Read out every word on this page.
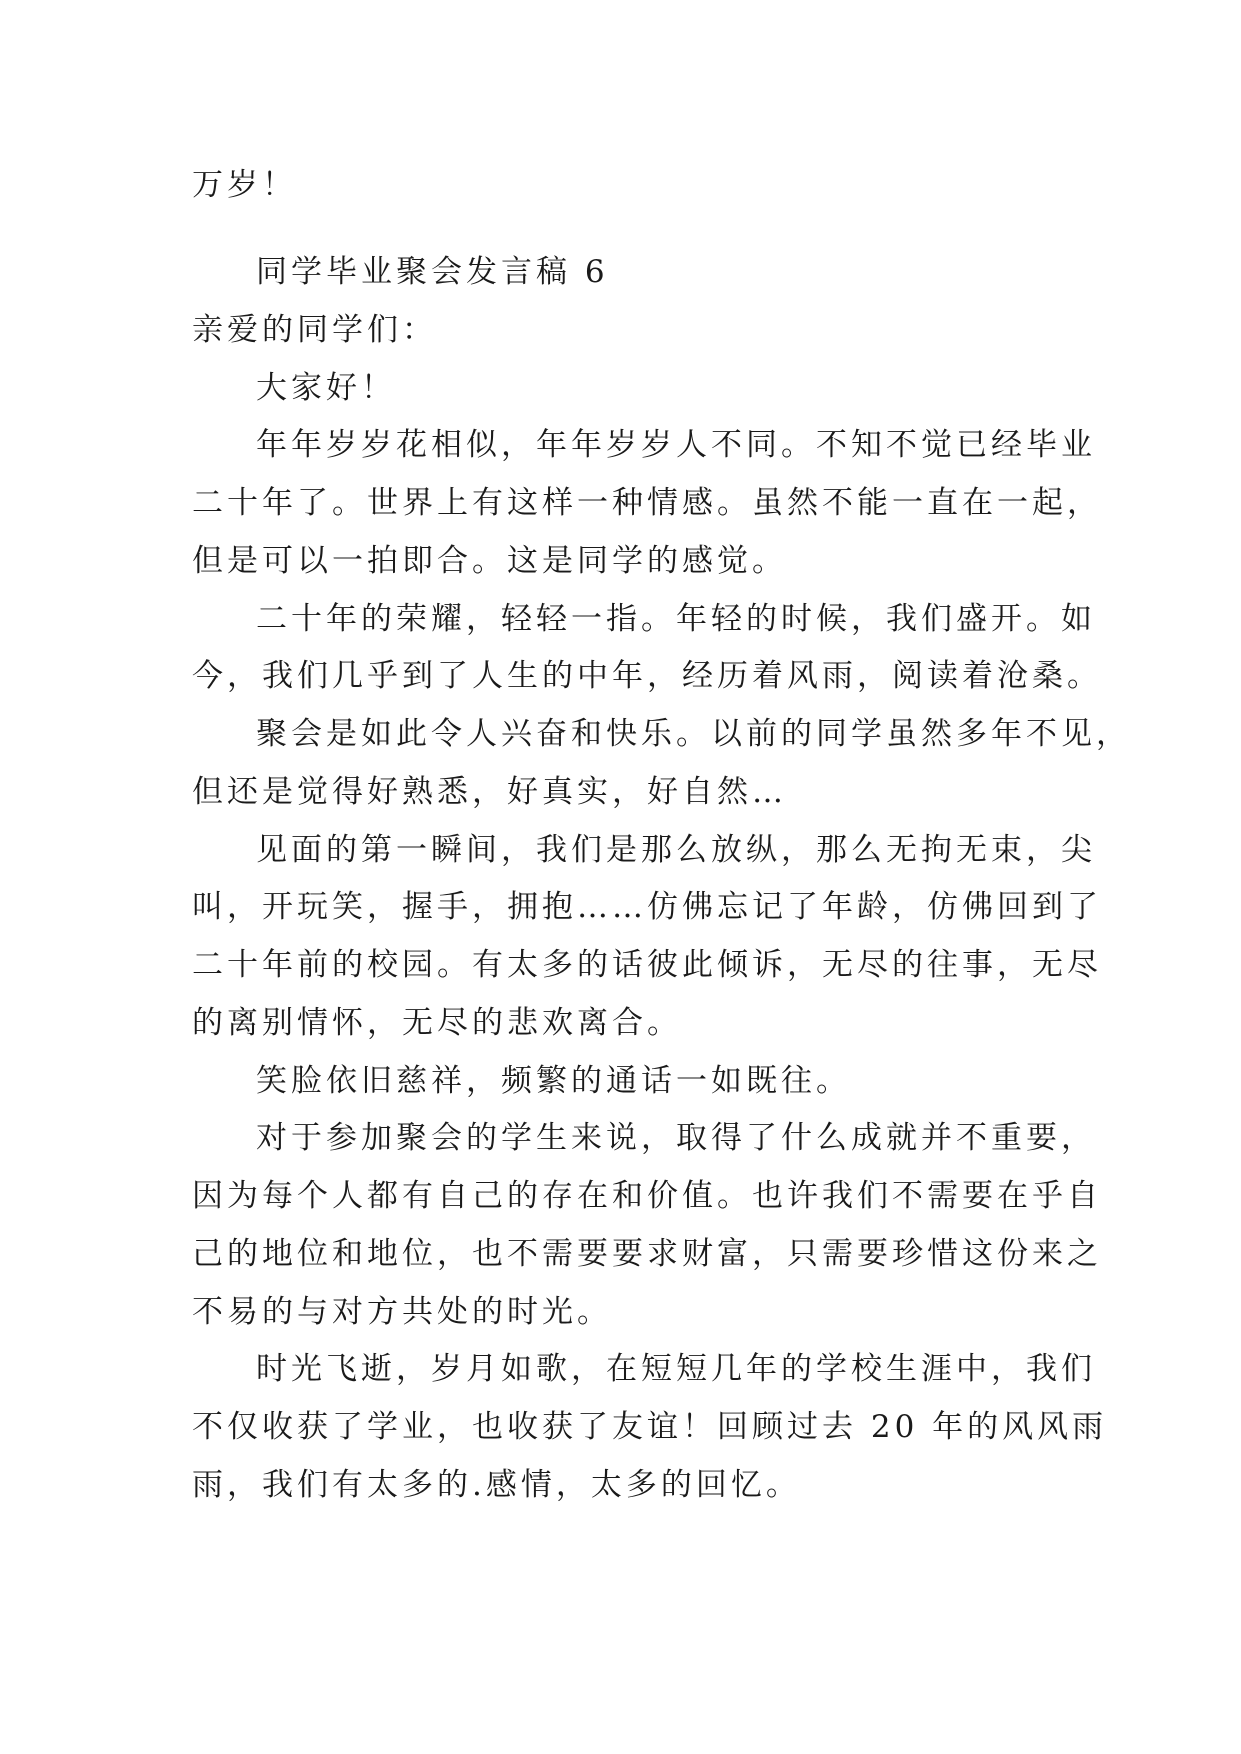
万岁！
同学毕业聚会发言稿 6
亲爱的同学们：
大家好！
年年岁岁花相似，年年岁岁人不同。不知不觉已经毕业
二十年了。世界上有这样一种情感。虽然不能一直在一起，
但是可以一拍即合。这是同学的感觉。
二十年的荣耀，轻轻一指。年轻的时候，我们盛开。如
今，我们几乎到了人生的中年，经历着风雨，阅读着沧桑。
聚会是如此令人兴奋和快乐。以前的同学虽然多年不见，
但还是觉得好熟悉，好真实，好自然…
见面的第一瞬间，我们是那么放纵，那么无拘无束，尖
叫，开玩笑，握手，拥抱……仿佛忘记了年龄，仿佛回到了
二十年前的校园。有太多的话彼此倾诉，无尽的往事，无尽
的离别情怀，无尽的悲欢离合。
笑脸依旧慈祥，频繁的通话一如既往。
对于参加聚会的学生来说，取得了什么成就并不重要，
因为每个人都有自己的存在和价值。也许我们不需要在乎自
己的地位和地位，也不需要要求财富，只需要珍惜这份来之
不易的与对方共处的时光。
时光飞逝，岁月如歌，在短短几年的学校生涯中，我们
不仅收获了学业，也收获了友谊！回顾过去 20 年的风风雨
雨，我们有太多的.感情，太多的回忆。
